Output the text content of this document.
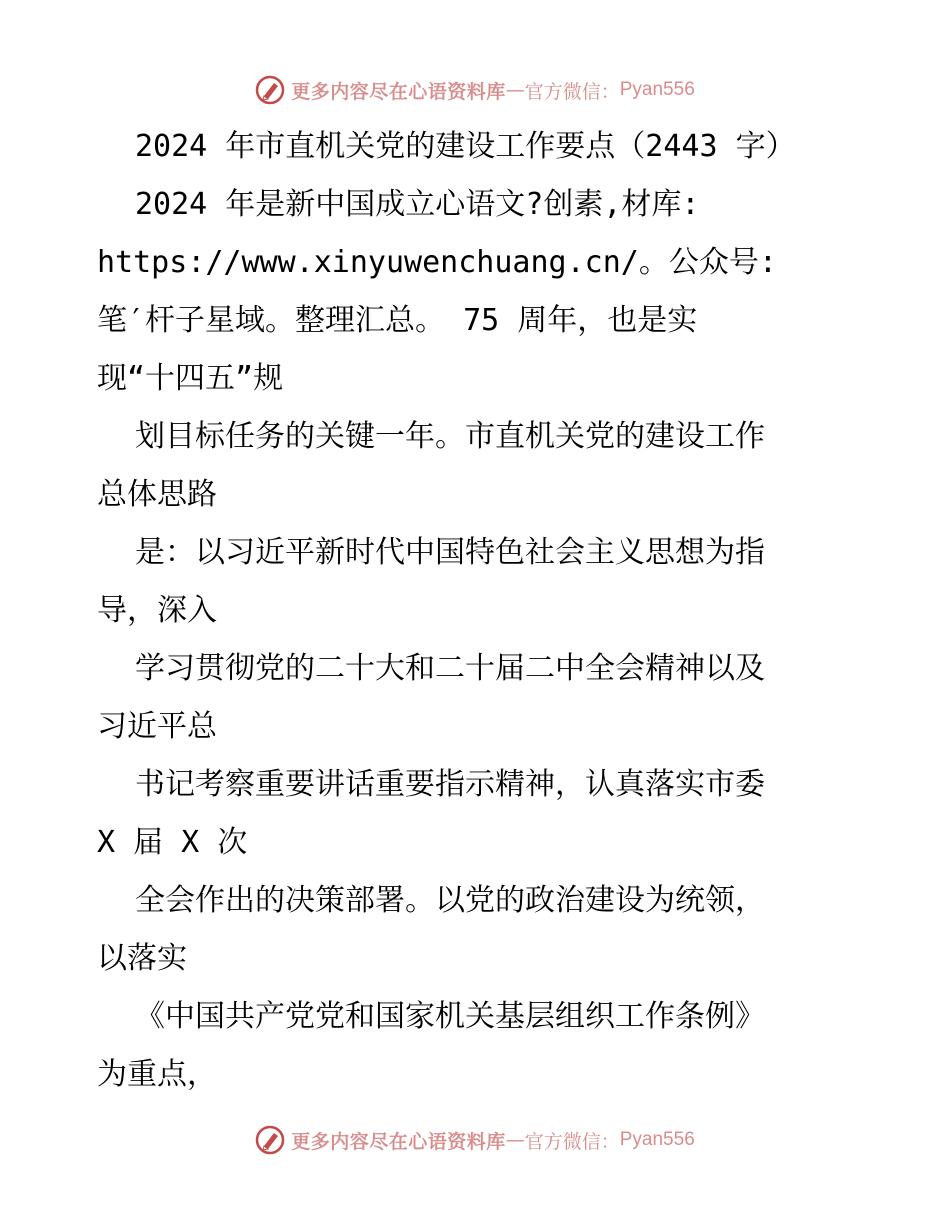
更多内容尽在心语资料库 — 官方微信： Pyan556
2024 年市直机关党的建设工作要点（2443 字）
2024 年是新中国成立心语文?创素,材库:
https://www.xinyuwenchuang.cn/。公众号:
笔′杆子星域。整理汇总。 75 周年，也是实
现“十四五”规
划目标任务的关键一年。市直机关党的建设工作
总体思路
是：以习近平新时代中国特色社会主义思想为指
导，深入
学习贯彻党的二十大和二十届二中全会精神以及
习近平总
书记考察重要讲话重要指示精神，认真落实市委
X 届 X 次
全会作出的决策部署。以党的政治建设为统领，
以落实
《中国共产党党和国家机关基层组织工作条例》
为重点，
更多内容尽在心语资料库 — 官方微信： Pyan556
